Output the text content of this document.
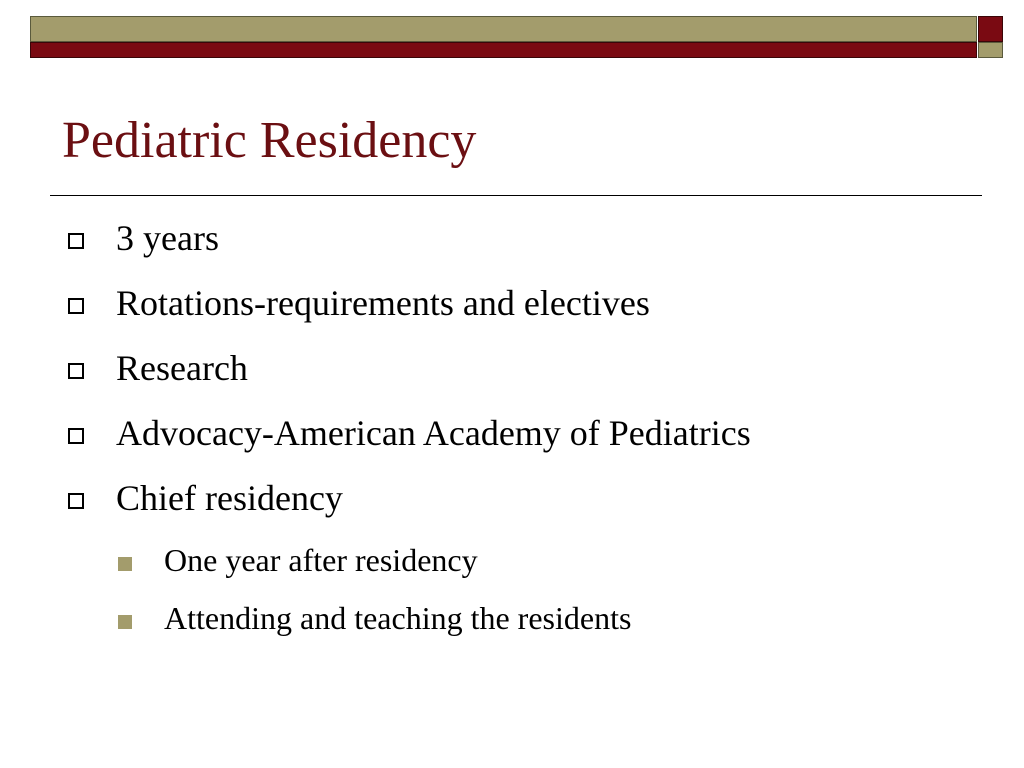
Pediatric Residency
3 years
Rotations-requirements and electives
Research
Advocacy-American Academy of Pediatrics
Chief residency
One year after residency
Attending and teaching the residents
